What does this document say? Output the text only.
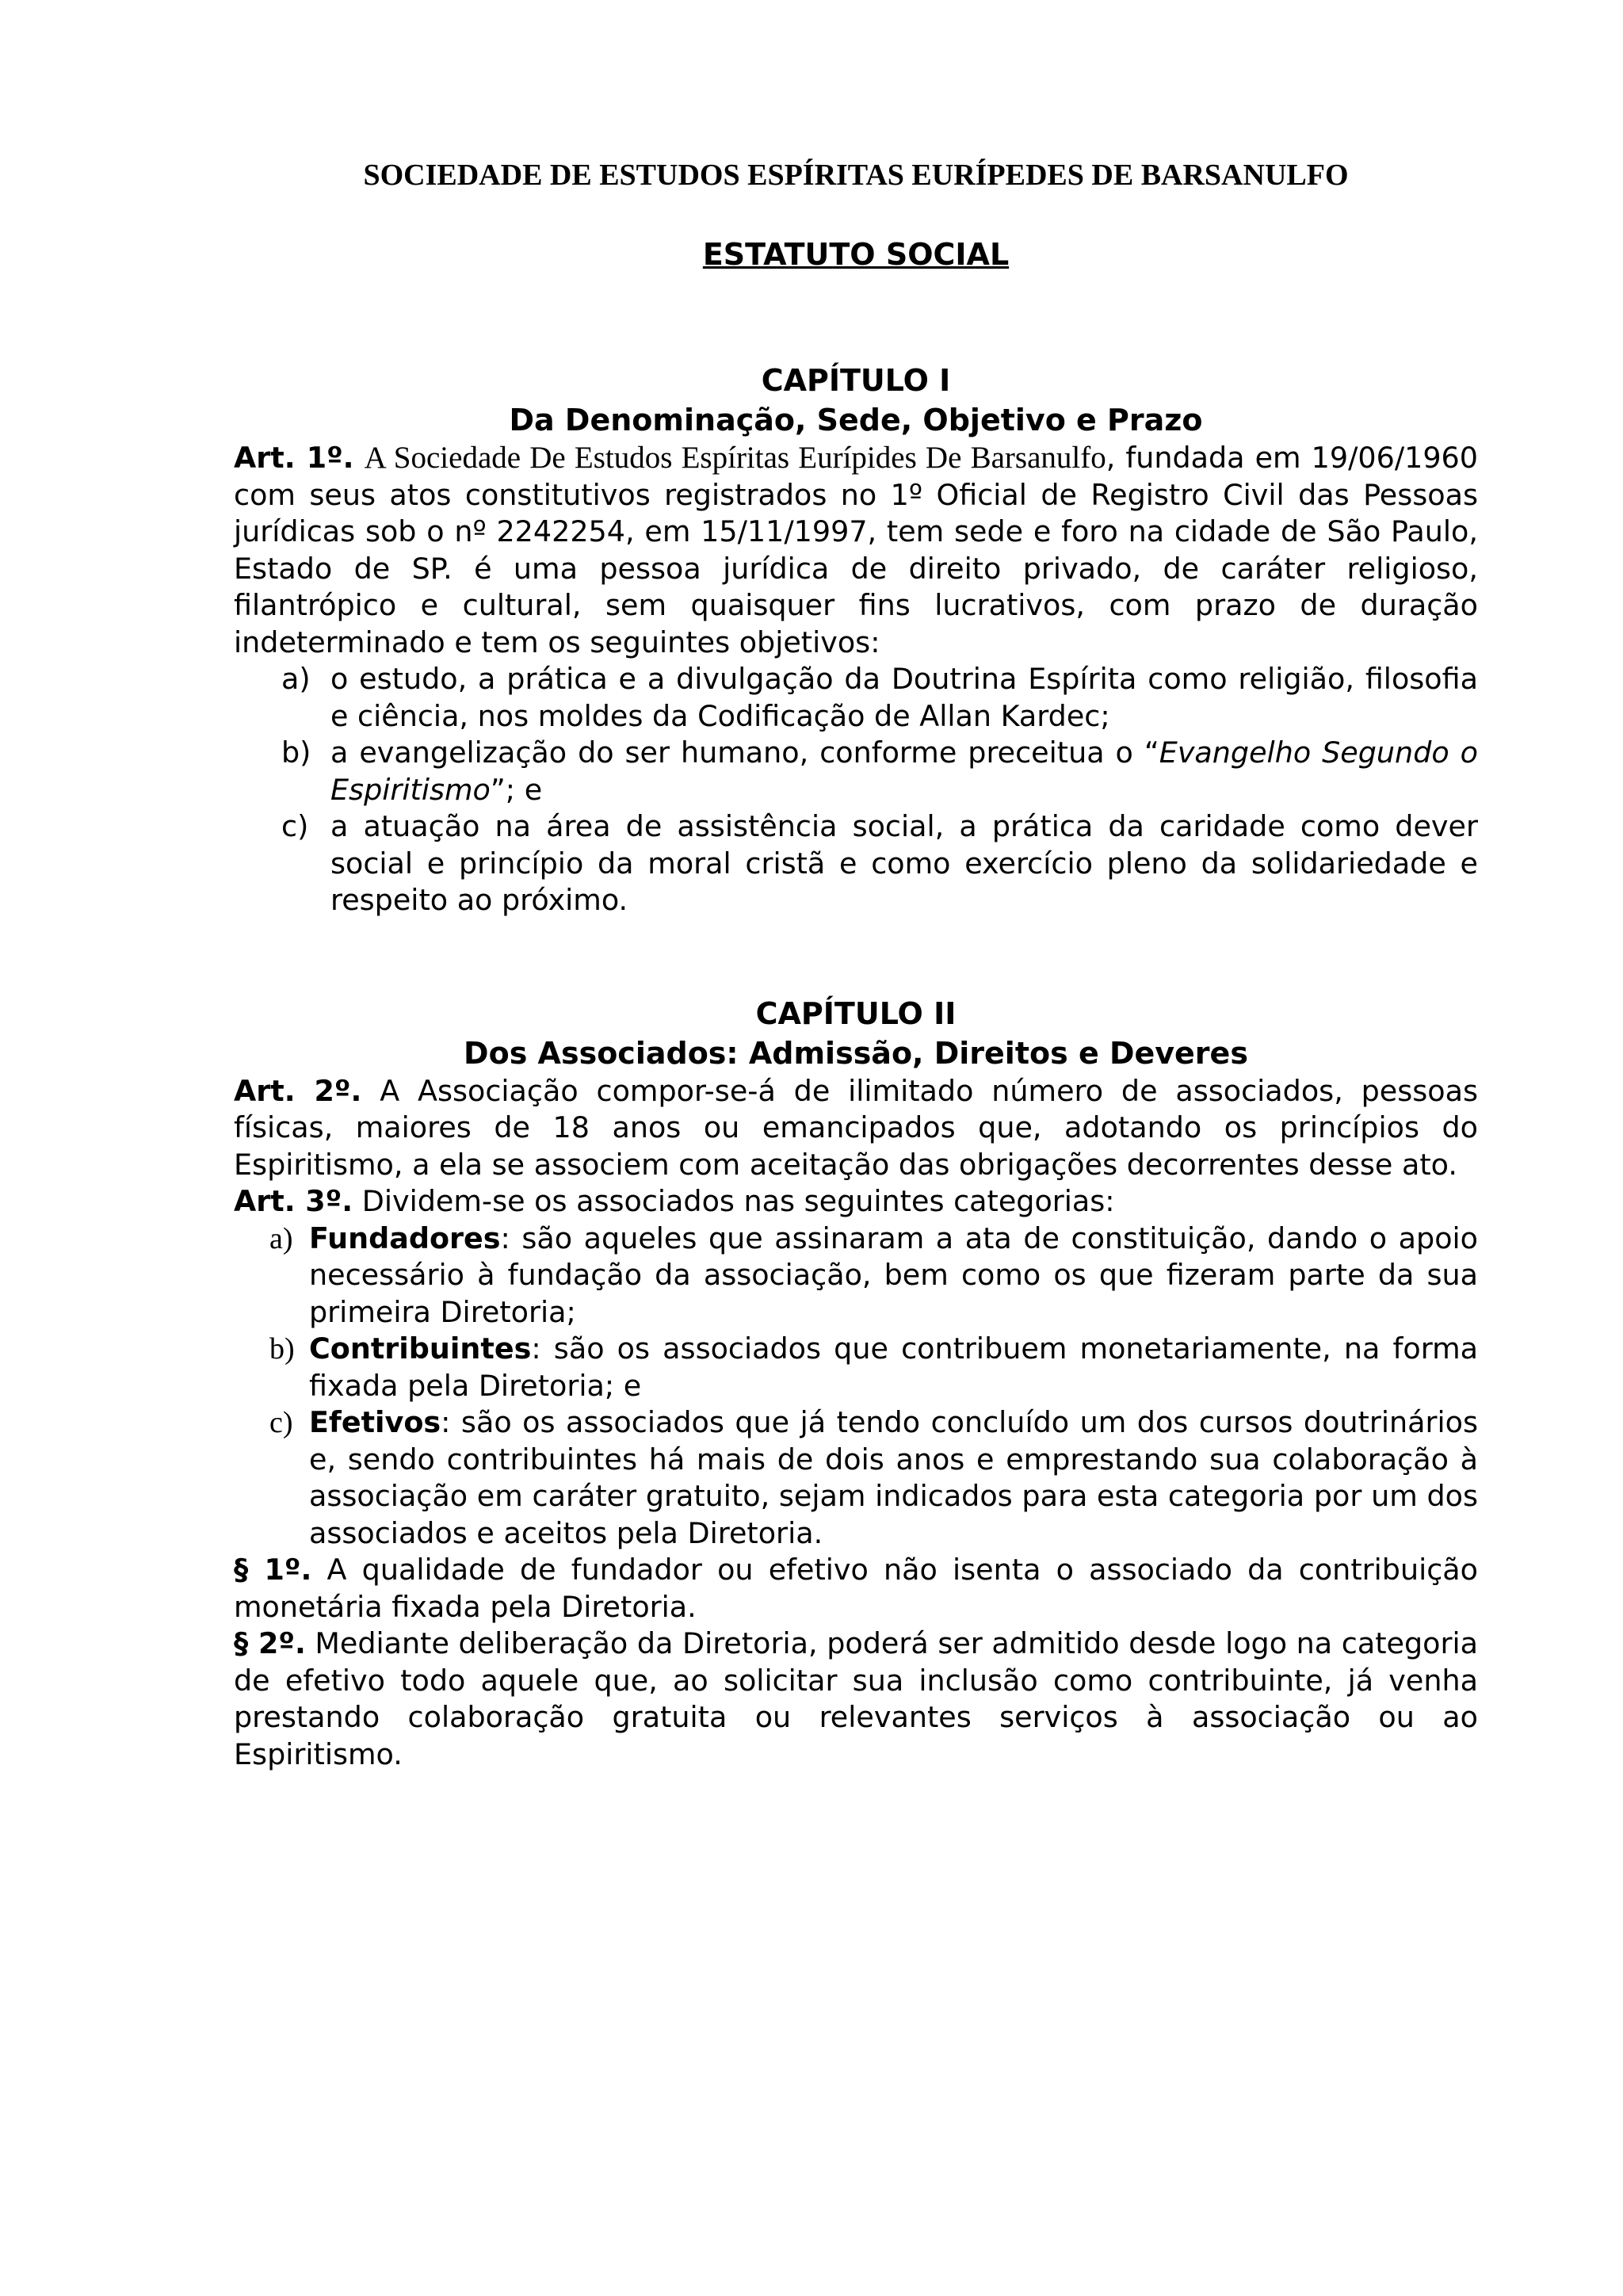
SOCIEDADE DE ESTUDOS ESPÍRITAS EURÍPEDES DE BARSANULFO
ESTATUTO SOCIAL
CAPÍTULO I
Da Denominação, Sede, Objetivo e Prazo

Art. 1º. A Sociedade De Estudos Espíritas Eurípides De Barsanulfo, fundada em 19/06/1960 com seus atos constitutivos registrados no 1º Oficial de Registro Civil das Pessoas jurídicas sob o nº 2242254, em 15/11/1997, tem sede e foro na cidade de São Paulo, Estado de SP. é uma pessoa jurídica de direito privado, de caráter religioso, filantrópico e cultural, sem quaisquer fins lucrativos, com prazo de duração indeterminado e tem os seguintes objetivos:

a) o estudo, a prática e a divulgação da Doutrina Espírita como religião, filosofia e ciência, nos moldes da Codificação de Allan Kardec;
b) a evangelização do ser humano, conforme preceitua o “Evangelho Segundo o Espiritismo”; e
c) a atuação na área de assistência social, a prática da caridade como dever social e princípio da moral cristã e como exercício pleno da solidariedade e respeito ao próximo.
CAPÍTULO II
Dos Associados: Admissão, Direitos e Deveres

Art. 2º. A Associação compor-se-á de ilimitado número de associados, pessoas físicas, maiores de 18 anos ou emancipados que, adotando os princípios do Espiritismo, a ela se associem com aceitação das obrigações decorrentes desse ato.

Art. 3º. Dividem-se os associados nas seguintes categorias:

a) Fundadores: são aqueles que assinaram a ata de constituição, dando o apoio necessário à fundação da associação, bem como os que fizeram parte da sua primeira Diretoria;
b) Contribuintes: são os associados que contribuem monetariamente, na forma fixada pela Diretoria; e
c) Efetivos: são os associados que já tendo concluído um dos cursos doutrinários e, sendo contribuintes há mais de dois anos e emprestando sua colaboração à associação em caráter gratuito, sejam indicados para esta categoria por um dos associados e aceitos pela Diretoria.

§ 1º. A qualidade de fundador ou efetivo não isenta o associado da contribuição monetária fixada pela Diretoria.

§ 2º. Mediante deliberação da Diretoria, poderá ser admitido desde logo na categoria de efetivo todo aquele que, ao solicitar sua inclusão como contribuinte, já venha prestando colaboração gratuita ou relevantes serviços à associação ou ao Espiritismo.
